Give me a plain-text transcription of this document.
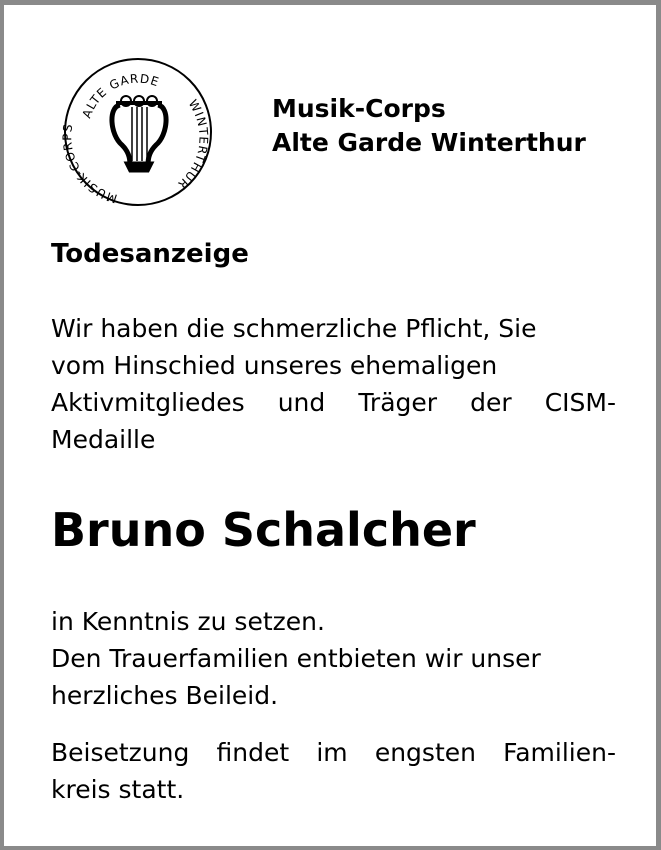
ALTE GARDE
WINTERTHUR
MUSIK-CORPS
Musik-Corps
Alte Garde Winterthur
Todesanzeige
Wir haben die schmerzliche Pflicht, Sie
vom Hinschied unseres ehemaligen
Aktivmitgliedes und Träger der CISM-
Medaille
Bruno Schalcher
in Kenntnis zu setzen.
Den Trauerfamilien entbieten wir unser
herzliches Beileid.
Beisetzung findet im engsten Familien-
kreis statt.
